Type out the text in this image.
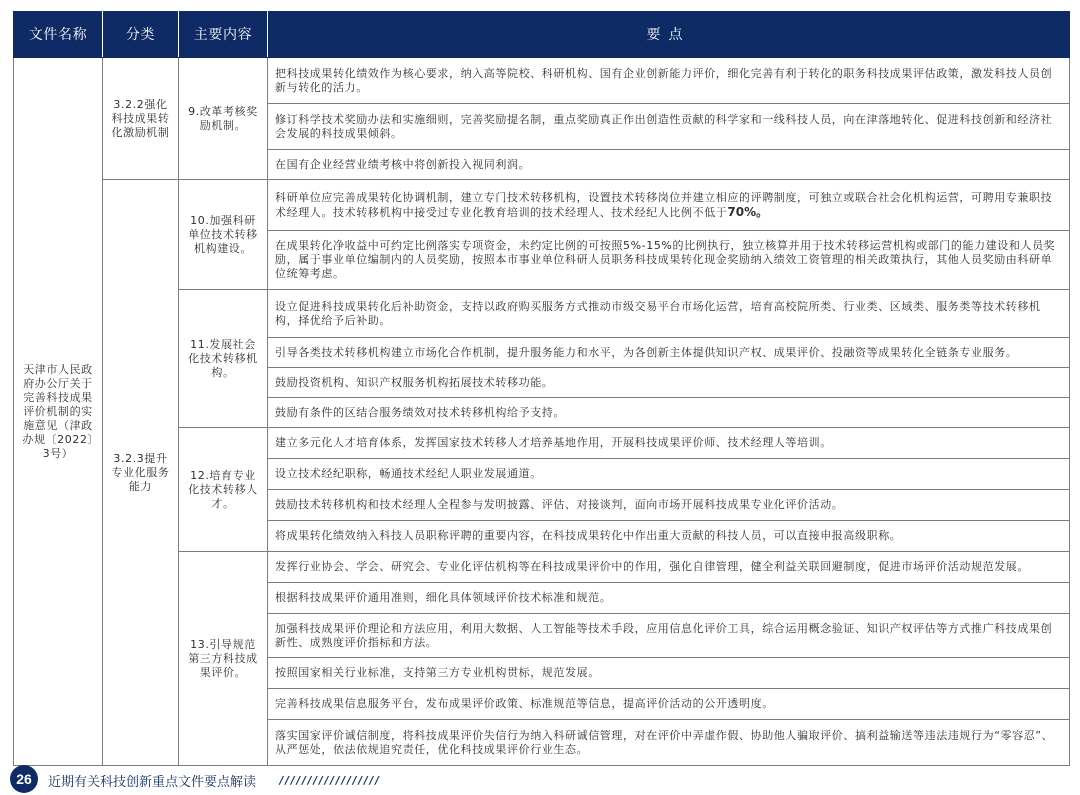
文件名称	分类	主要内容	要点
天津市人民政府办公厅关于完善科技成果评价机制的实施意见（津政办规〔2022〕3号）	3.2.2强化科技成果转化激励机制	9.改革考核奖励机制。	把科技成果转化绩效作为核心要求，纳入高等院校、科研机构、国有企业创新能力评价，细化完善有利于转化的职务科技成果评估政策，激发科技人员创新与转化的活力。
			修订科学技术奖励办法和实施细则，完善奖励提名制，重点奖励真正作出创造性贡献的科学家和一线科技人员，向在津落地转化、促进科技创新和经济社会发展的科技成果倾斜。
			在国有企业经营业绩考核中将创新投入视同利润。
	3.2.3提升专业化服务能力	10.加强科研单位技术转移机构建设。	科研单位应完善成果转化协调机制，建立专门技术转移机构，设置技术转移岗位并建立相应的评聘制度，可独立或联合社会化机构运营，可聘用专兼职技术经理人。技术转移机构中接受过专业化教育培训的技术经理人、技术经纪人比例不低于70%。
			在成果转化净收益中可约定比例落实专项资金，未约定比例的可按照5%-15%的比例执行，独立核算并用于技术转移运营机构或部门的能力建设和人员奖励，属于事业单位编制内的人员奖励，按照本市事业单位科研人员职务科技成果转化现金奖励纳入绩效工资管理的相关政策执行，其他人员奖励由科研单位统筹考虑。
		11.发展社会化技术转移机构。	设立促进科技成果转化后补助资金，支持以政府购买服务方式推动市级交易平台市场化运营，培育高校院所类、行业类、区域类、服务类等技术转移机构，择优给予后补助。
			引导各类技术转移机构建立市场化合作机制，提升服务能力和水平，为各创新主体提供知识产权、成果评价、投融资等成果转化全链条专业服务。
			鼓励投资机构、知识产权服务机构拓展技术转移功能。
			鼓励有条件的区结合服务绩效对技术转移机构给予支持。
		12.培育专业化技术转移人才。	建立多元化人才培育体系，发挥国家技术转移人才培养基地作用，开展科技成果评价师、技术经理人等培训。
			设立技术经纪职称，畅通技术经纪人职业发展通道。
			鼓励技术转移机构和技术经理人全程参与发明披露、评估、对接谈判，面向市场开展科技成果专业化评价活动。
			将成果转化绩效纳入科技人员职称评聘的重要内容，在科技成果转化中作出重大贡献的科技人员，可以直接申报高级职称。
		13.引导规范第三方科技成果评价。	发挥行业协会、学会、研究会、专业化评估机构等在科技成果评价中的作用，强化自律管理，健全利益关联回避制度，促进市场评价活动规范发展。
			根据科技成果评价通用准则，细化具体领域评价技术标准和规范。
			加强科技成果评价理论和方法应用，利用大数据、人工智能等技术手段，应用信息化评价工具，综合运用概念验证、知识产权评估等方式推广科技成果创新性、成熟度评价指标和方法。
			按照国家相关行业标准，支持第三方专业机构贯标，规范发展。
			完善科技成果信息服务平台，发布成果评价政策、标准规范等信息，提高评价活动的公开透明度。
			落实国家评价诚信制度，将科技成果评价失信行为纳入科研诚信管理，对在评价中弄虚作假、协助他人骗取评价、搞利益输送等违法违规行为“零容忍”、从严惩处，依法依规追究责任，优化科技成果评价行业生态。
26	近期有关科技创新重点文件要点解读 //////////////////
